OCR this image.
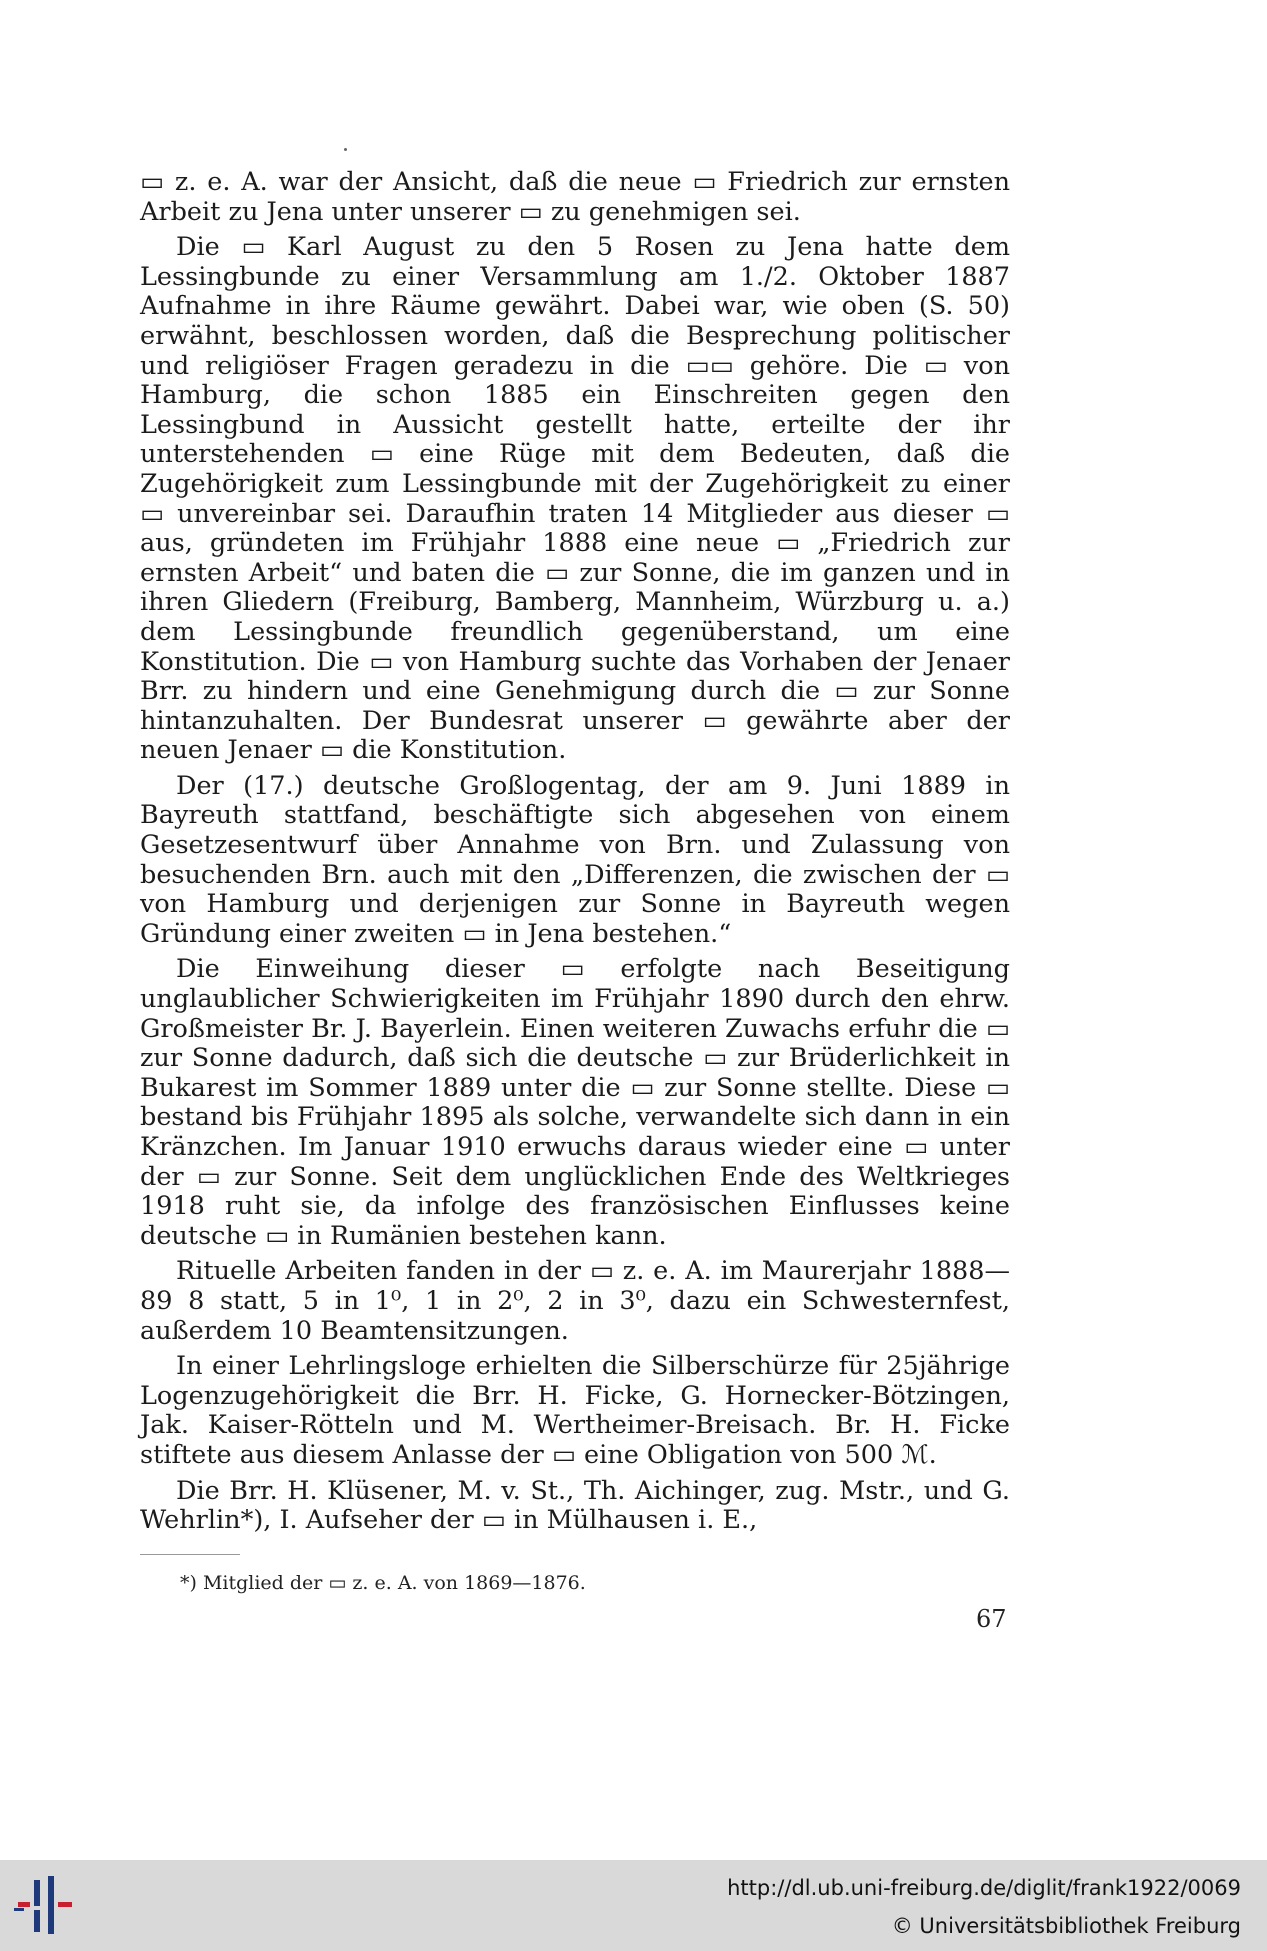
▭ z. e. A. war der Ansicht, daß die neue ▭ Friedrich zur ernsten Arbeit zu Jena unter unserer ▭ zu genehmigen sei.

Die ▭ Karl August zu den 5 Rosen zu Jena hatte dem Lessingbunde zu einer Versammlung am 1./2. Oktober 1887 Aufnahme in ihre Räume gewährt. Dabei war, wie oben (S. 50) erwähnt, beschlossen worden, daß die Besprechung politischer und religiöser Fragen geradezu in die ▭▭ gehöre. Die ▭ von Hamburg, die schon 1885 ein Einschreiten gegen den Lessingbund in Aussicht gestellt hatte, erteilte der ihr unterstehenden ▭ eine Rüge mit dem Bedeuten, daß die Zugehörigkeit zum Lessingbunde mit der Zugehörigkeit zu einer ▭ unvereinbar sei. Daraufhin traten 14 Mitglieder aus dieser ▭ aus, gründeten im Frühjahr 1888 eine neue ▭ „Friedrich zur ernsten Arbeit“ und baten die ▭ zur Sonne, die im ganzen und in ihren Gliedern (Freiburg, Bamberg, Mannheim, Würzburg u. a.) dem Lessingbunde freundlich gegenüberstand, um eine Konstitution. Die ▭ von Hamburg suchte das Vorhaben der Jenaer Brr. zu hindern und eine Genehmigung durch die ▭ zur Sonne hintanzuhalten. Der Bundesrat unserer ▭ gewährte aber der neuen Jenaer ▭ die Konstitution.

Der (17.) deutsche Großlogentag, der am 9. Juni 1889 in Bayreuth stattfand, beschäftigte sich abgesehen von einem Gesetzesentwurf über Annahme von Brn. und Zulassung von besuchenden Brn. auch mit den „Differenzen, die zwischen der ▭ von Hamburg und derjenigen zur Sonne in Bayreuth wegen Gründung einer zweiten ▭ in Jena bestehen.“

Die Einweihung dieser ▭ erfolgte nach Beseitigung unglaublicher Schwierigkeiten im Frühjahr 1890 durch den ehrw. Großmeister Br. J. Bayerlein. Einen weiteren Zuwachs erfuhr die ▭ zur Sonne dadurch, daß sich die deutsche ▭ zur Brüderlichkeit in Bukarest im Sommer 1889 unter die ▭ zur Sonne stellte. Diese ▭ bestand bis Frühjahr 1895 als solche, verwandelte sich dann in ein Kränzchen. Im Januar 1910 erwuchs daraus wieder eine ▭ unter der ▭ zur Sonne. Seit dem unglücklichen Ende des Weltkrieges 1918 ruht sie, da infolge des französischen Einflusses keine deutsche ▭ in Rumänien bestehen kann.

Rituelle Arbeiten fanden in der ▭ z. e. A. im Maurerjahr 1888—89 8 statt, 5 in 1⁰, 1 in 2⁰, 2 in 3⁰, dazu ein Schwesternfest, außerdem 10 Beamtensitzungen.

In einer Lehrlingsloge erhielten die Silberschürze für 25jährige Logenzugehörigkeit die Brr. H. Ficke, G. Hornecker-Bötzingen, Jak. Kaiser-Rötteln und M. Wertheimer-Breisach. Br. H. Ficke stiftete aus diesem Anlasse der ▭ eine Obligation von 500 ℳ.

Die Brr. H. Klüsener, M. v. St., Th. Aichinger, zug. Mstr., und G. Wehrlin*), I. Aufseher der ▭ in Mülhausen i. E.,

*) Mitglied der ▭ z. e. A. von 1869—1876.
67
http://dl.ub.uni-freiburg.de/diglit/frank1922/0069
© Universitätsbibliothek Freiburg
